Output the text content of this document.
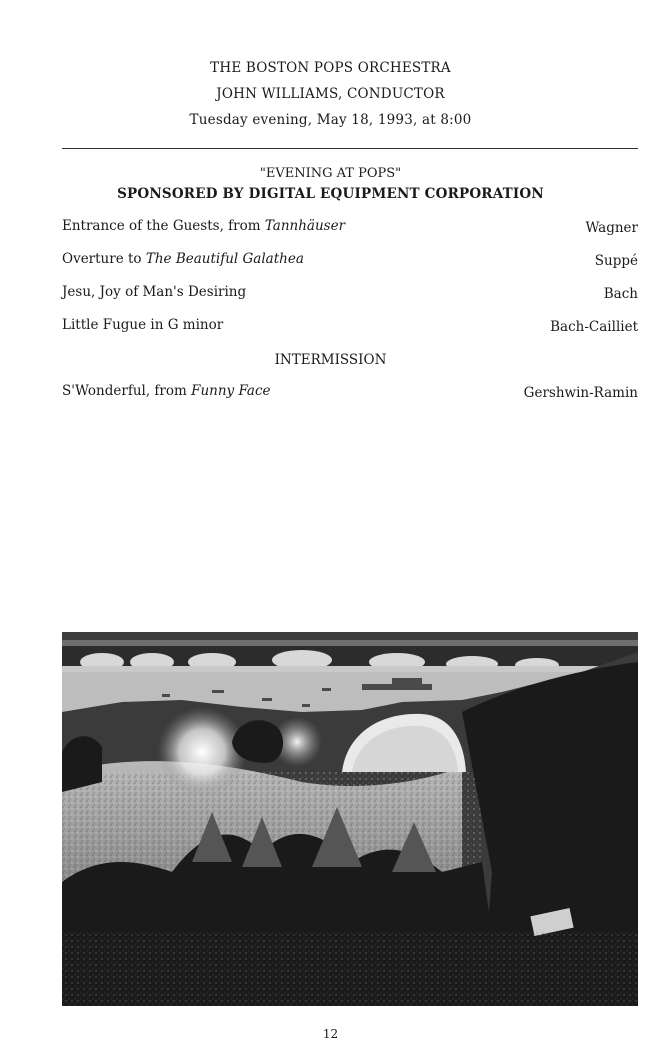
THE BOSTON POPS ORCHESTRA
JOHN WILLIAMS, CONDUCTOR
Tuesday evening, May 18, 1993, at 8:00
"EVENING AT POPS"
SPONSORED BY DIGITAL EQUIPMENT CORPORATION
Entrance of the Guests, from Tannhäuser	Wagner
Overture to The Beautiful Galathea	Suppé
Jesu, Joy of Man's Desiring	Bach
Little Fugue in G minor	Bach-Cailliet
INTERMISSION
S'Wonderful, from Funny Face	Gershwin-Ramin
12
